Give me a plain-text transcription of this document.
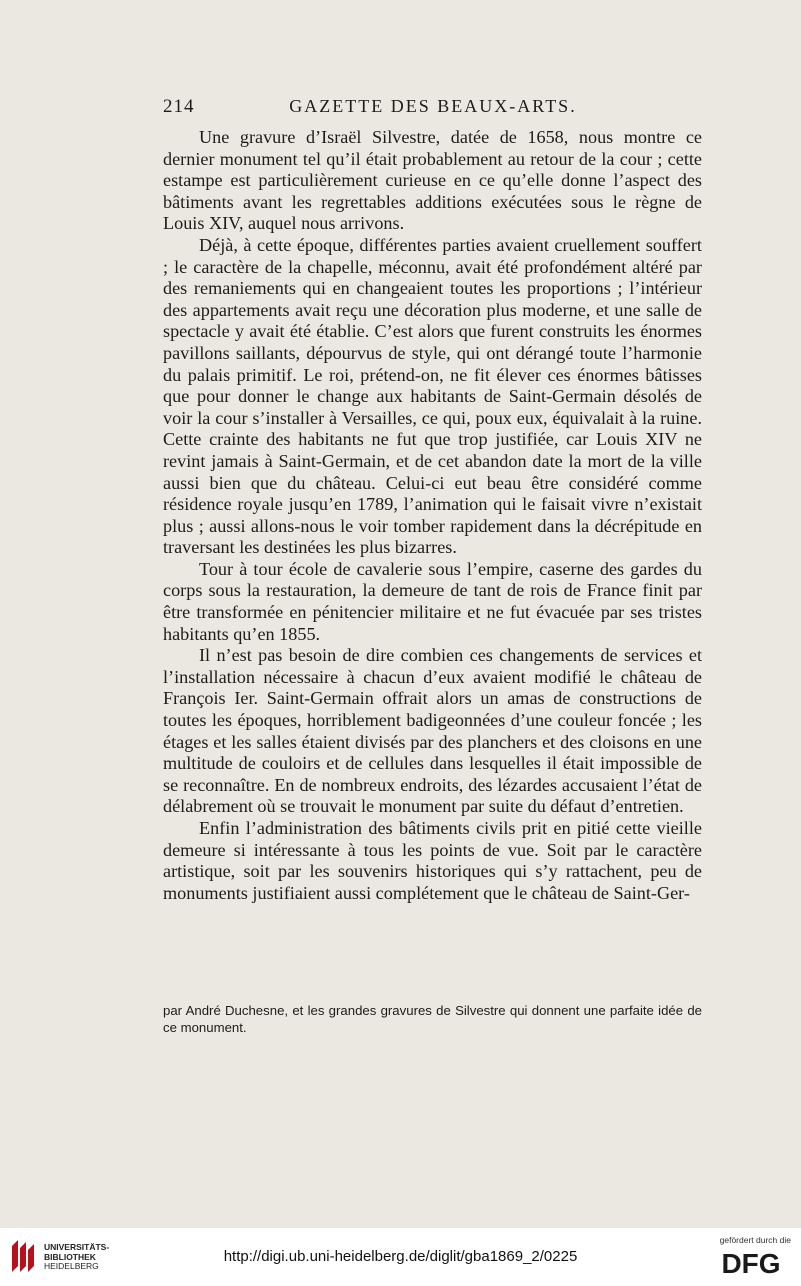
214	GAZETTE DES BEAUX-ARTS.

Une gravure d’Israël Silvestre, datée de 1658, nous montre ce dernier monument tel qu’il était probablement au retour de la cour ; cette estampe est particulièrement curieuse en ce qu’elle donne l’aspect des bâtiments avant les regrettables additions exécutées sous le règne de Louis XIV, auquel nous arrivons.

Déjà, à cette époque, différentes parties avaient cruellement souffert ; le caractère de la chapelle, méconnu, avait été profondément altéré par des remaniements qui en changeaient toutes les proportions ; l’intérieur des appartements avait reçu une décoration plus moderne, et une salle de spectacle y avait été établie. C’est alors que furent construits les énormes pavillons saillants, dépourvus de style, qui ont dérangé toute l’harmonie du palais primitif. Le roi, prétend-on, ne fit élever ces énormes bâtisses que pour donner le change aux habitants de Saint-Germain désolés de voir la cour s’installer à Versailles, ce qui, poux eux, équivalait à la ruine. Cette crainte des habitants ne fut que trop justifiée, car Louis XIV ne revint jamais à Saint-Germain, et de cet abandon date la mort de la ville aussi bien que du château. Celui-ci eut beau être considéré comme résidence royale jusqu’en 1789, l’animation qui le faisait vivre n’existait plus ; aussi allons-nous le voir tomber rapidement dans la décrépitude en traversant les destinées les plus bizarres.

Tour à tour école de cavalerie sous l’empire, caserne des gardes du corps sous la restauration, la demeure de tant de rois de France finit par être transformée en pénitencier militaire et ne fut évacuée par ses tristes habitants qu’en 1855.

Il n’est pas besoin de dire combien ces changements de services et l’installation nécessaire à chacun d’eux avaient modifié le château de François Ier. Saint-Germain offrait alors un amas de constructions de toutes les époques, horriblement badigeonnées d’une couleur foncée ; les étages et les salles étaient divisés par des planchers et des cloisons en une multitude de couloirs et de cellules dans lesquelles il était impossible de se reconnaître. En de nombreux endroits, des lézardes accusaient l’état de délabrement où se trouvait le monument par suite du défaut d’entretien.

Enfin l’administration des bâtiments civils prit en pitié cette vieille demeure si intéressante à tous les points de vue. Soit par le caractère artistique, soit par les souvenirs historiques qui s’y rattachent, peu de monuments justifiaient aussi complétement que le château de Saint-Ger-

par André Duchesne, et les grandes gravures de Silvestre qui donnent une parfaite idée de ce monument.

UNIVERSITÄTS-
BIBLIOTHEK
HEIDELBERG
http://digi.ub.uni-heidelberg.de/diglit/gba1869_2/0225
gefördert durch die
DFG
